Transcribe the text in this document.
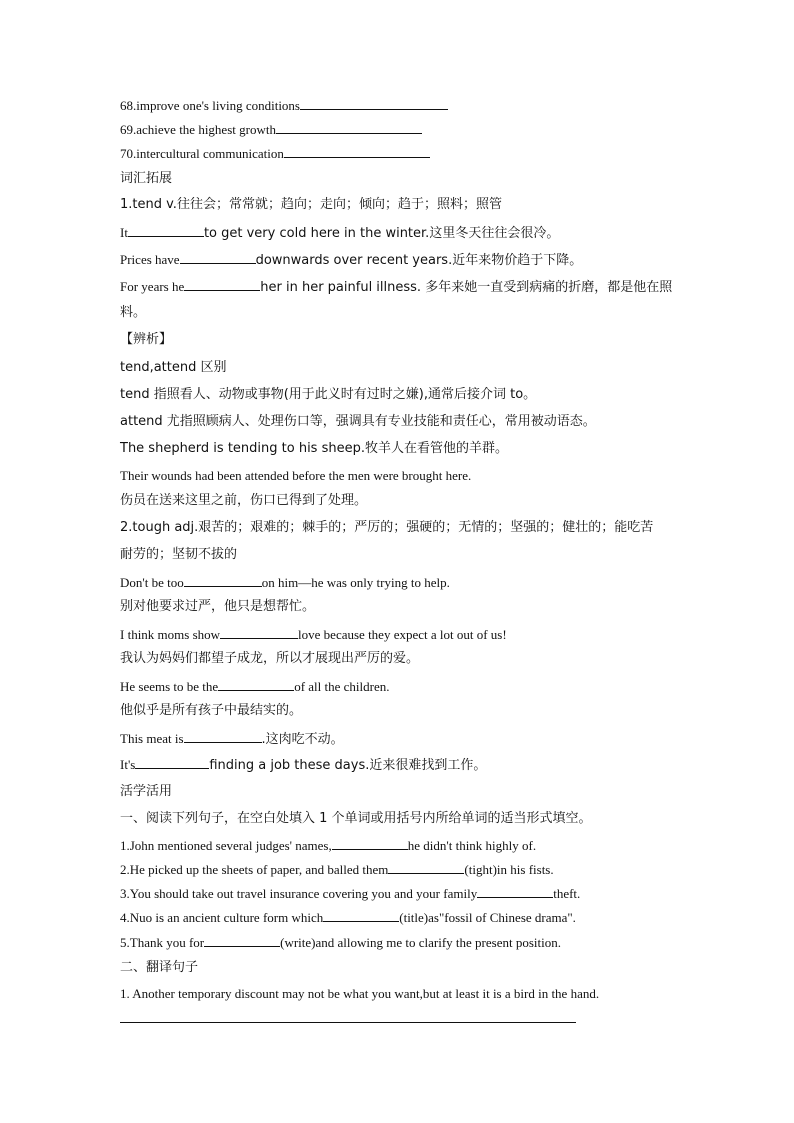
68.improve one's living conditions
69.achieve the highest growth
70.intercultural communication
词汇拓展
1.tend v.往往会；常常就；趋向；走向；倾向；趋于；照料；照管
It	to get very cold here in the winter.这里冬天往往会很冷。
Prices have	downwards over recent years.近年来物价趋于下降。
For years he	her in her painful illness. 多年来她一直受到病痛的折磨，都是他在照
料。
【辨析】
tend,attend 区别
tend 指照看人、动物或事物(用于此义时有过时之嫌),通常后接介词 to。
attend 尤指照顾病人、处理伤口等，强调具有专业技能和责任心，常用被动语态。
The shepherd is tending to his sheep.牧羊人在看管他的羊群。
Their wounds had been attended before the men were brought here.
伤员在送来这里之前，伤口已得到了处理。
2.tough adj.艰苦的；艰难的；棘手的；严厉的；强硬的；无情的；坚强的；健壮的；能吃苦
耐劳的；坚韧不拔的
Don't be too	on him—he was only trying to help.
别对他要求过严，他只是想帮忙。
I think moms show	love because they expect a lot out of us!
我认为妈妈们都望子成龙，所以才展现出严厉的爱。
He seems to be the	of all the children.
他似乎是所有孩子中最结实的。
This meat is	.这肉吃不动。
It's	finding a job these days.近来很难找到工作。
活学活用
一、阅读下列句子，在空白处填入 1 个单词或用括号内所给单词的适当形式填空。
1.John mentioned several judges' names,	he didn't think highly of.
2.He picked up the sheets of paper, and balled them	(tight)in his fists.
3.You should take out travel insurance covering you and your family	theft.
4.Nuo is an ancient culture form which	(title)as"fossil of Chinese drama".
5.Thank you for	(write)and allowing me to clarify the present position.
二、翻译句子
1. Another temporary discount may not be what you want,but at least it is a bird in the hand.
